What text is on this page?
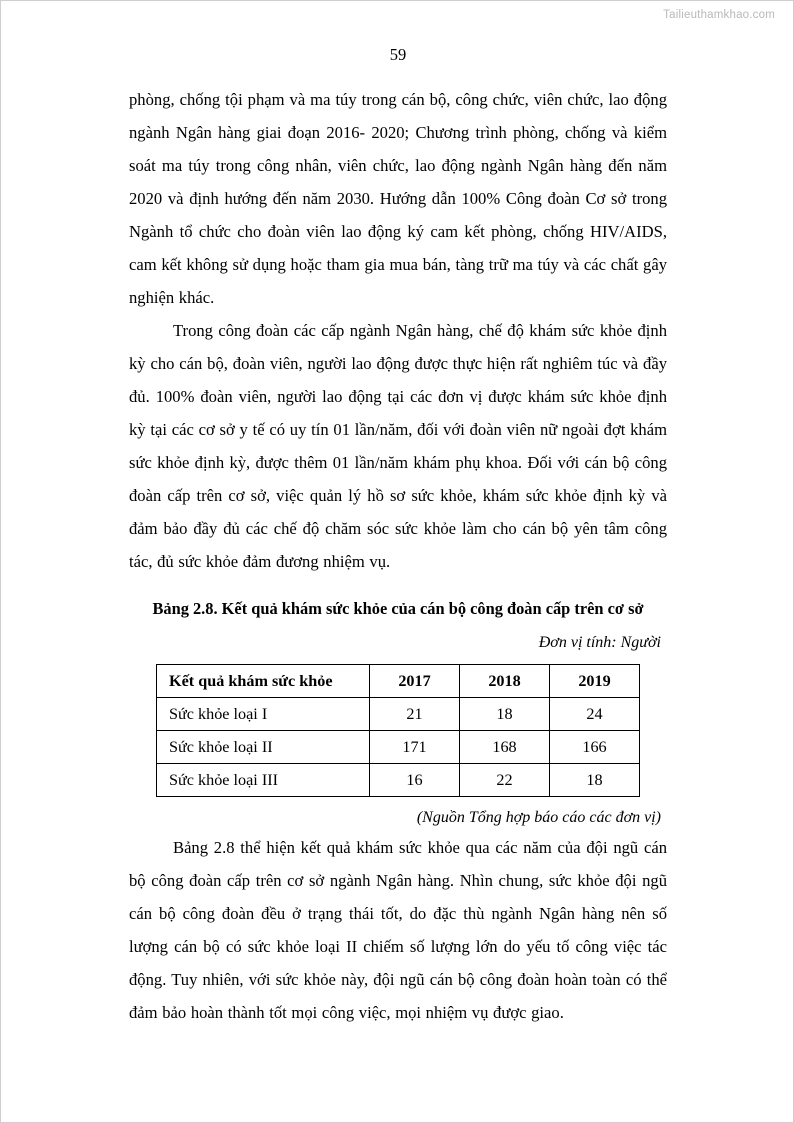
Tailieuthamkhao.com
59

phòng, chống tội phạm và ma túy trong cán bộ, công chức, viên chức, lao động ngành Ngân hàng giai đoạn 2016- 2020; Chương trình phòng, chống và kiểm soát ma túy trong công nhân, viên chức, lao động ngành Ngân hàng đến năm 2020 và định hướng đến năm 2030. Hướng dẫn 100% Công đoàn Cơ sở trong Ngành tổ chức cho đoàn viên lao động ký cam kết phòng, chống HIV/AIDS, cam kết không sử dụng hoặc tham gia mua bán, tàng trữ ma túy và các chất gây nghiện khác.

Trong công đoàn các cấp ngành Ngân hàng, chế độ khám sức khỏe định kỳ cho cán bộ, đoàn viên, người lao động được thực hiện rất nghiêm túc và đầy đủ. 100% đoàn viên, người lao động tại các đơn vị được khám sức khỏe định kỳ tại các cơ sở y tế có uy tín 01 lần/năm, đối với đoàn viên nữ ngoài đợt khám sức khỏe định kỳ, được thêm 01 lần/năm khám phụ khoa. Đối với cán bộ công đoàn cấp trên cơ sở, việc quản lý hồ sơ sức khỏe, khám sức khỏe định kỳ và đảm bảo đầy đủ các chế độ chăm sóc sức khỏe làm cho cán bộ yên tâm công tác, đủ sức khỏe đảm đương nhiệm vụ.

Bảng 2.8. Kết quả khám sức khỏe của cán bộ công đoàn cấp trên cơ sở

Đơn vị tính: Người

Kết quả khám sức khỏe	2017	2018	2019
Sức khỏe loại I	21	18	24
Sức khỏe loại II	171	168	166
Sức khỏe loại III	16	22	18

(Nguồn Tổng hợp báo cáo các đơn vị)

Bảng 2.8 thể hiện kết quả khám sức khỏe qua các năm của đội ngũ cán bộ công đoàn cấp trên cơ sở ngành Ngân hàng. Nhìn chung, sức khỏe đội ngũ cán bộ công đoàn đều ở trạng thái tốt, do đặc thù ngành Ngân hàng nên số lượng cán bộ có sức khỏe loại II chiếm số lượng lớn do yếu tố công việc tác động. Tuy nhiên, với sức khỏe này, đội ngũ cán bộ công đoàn hoàn toàn có thể đảm bảo hoàn thành tốt mọi công việc, mọi nhiệm vụ được giao.
